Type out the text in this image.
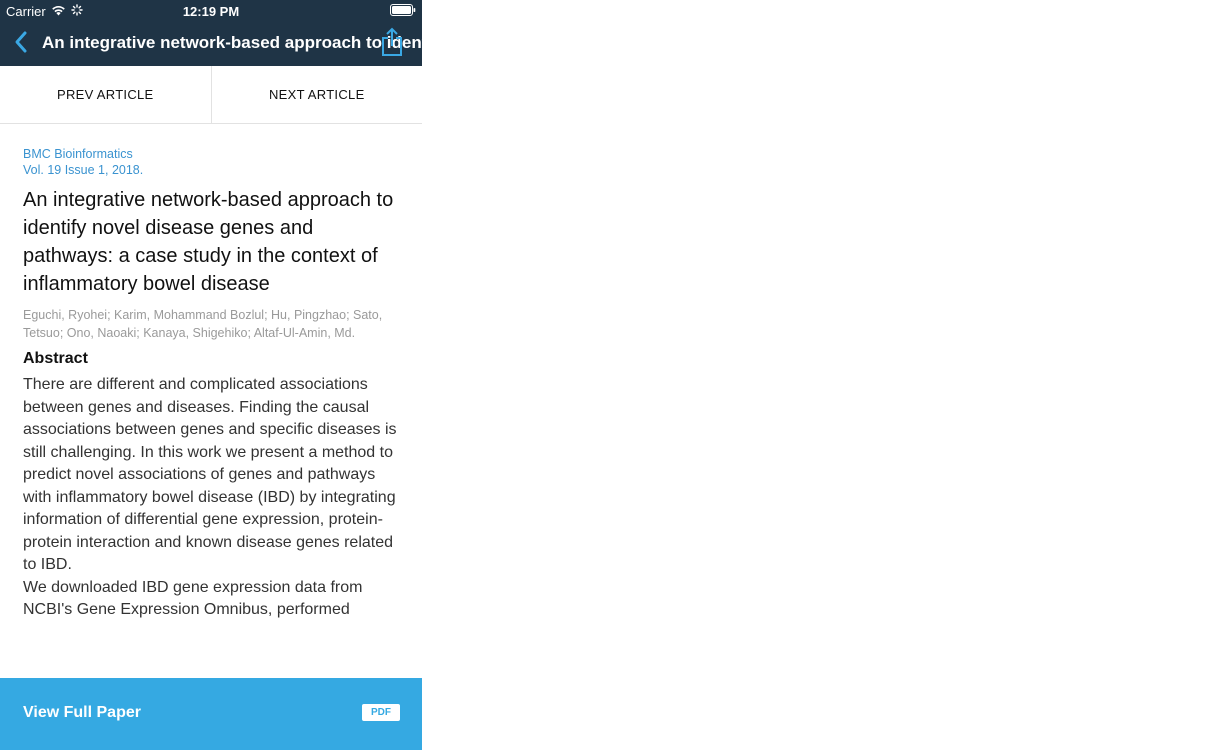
Carrier	12:19 PM
An integrative network-based approach to identify novel disease genes and pathways: a case study in the context of inflammatory bowel disease
PREV ARTICLE	NEXT ARTICLE
BMC Bioinformatics
Vol. 19 Issue 1, 2018.
An integrative network-based approach to identify novel disease genes and pathways: a case study in the context of inflammatory bowel disease
Eguchi, Ryohei; Karim, Mohammand Bozlul; Hu, Pingzhao; Sato, Tetsuo; Ono, Naoaki; Kanaya, Shigehiko; Altaf-Ul-Amin, Md.
Abstract
There are different and complicated associations between genes and diseases. Finding the causal associations between genes and specific diseases is still challenging. In this work we present a method to predict novel associations of genes and pathways with inflammatory bowel disease (IBD) by integrating information of differential gene expression, protein-protein interaction and known disease genes related to IBD.
We downloaded IBD gene expression data from NCBI's Gene Expression Omnibus, performed
View Full Paper	PDF
